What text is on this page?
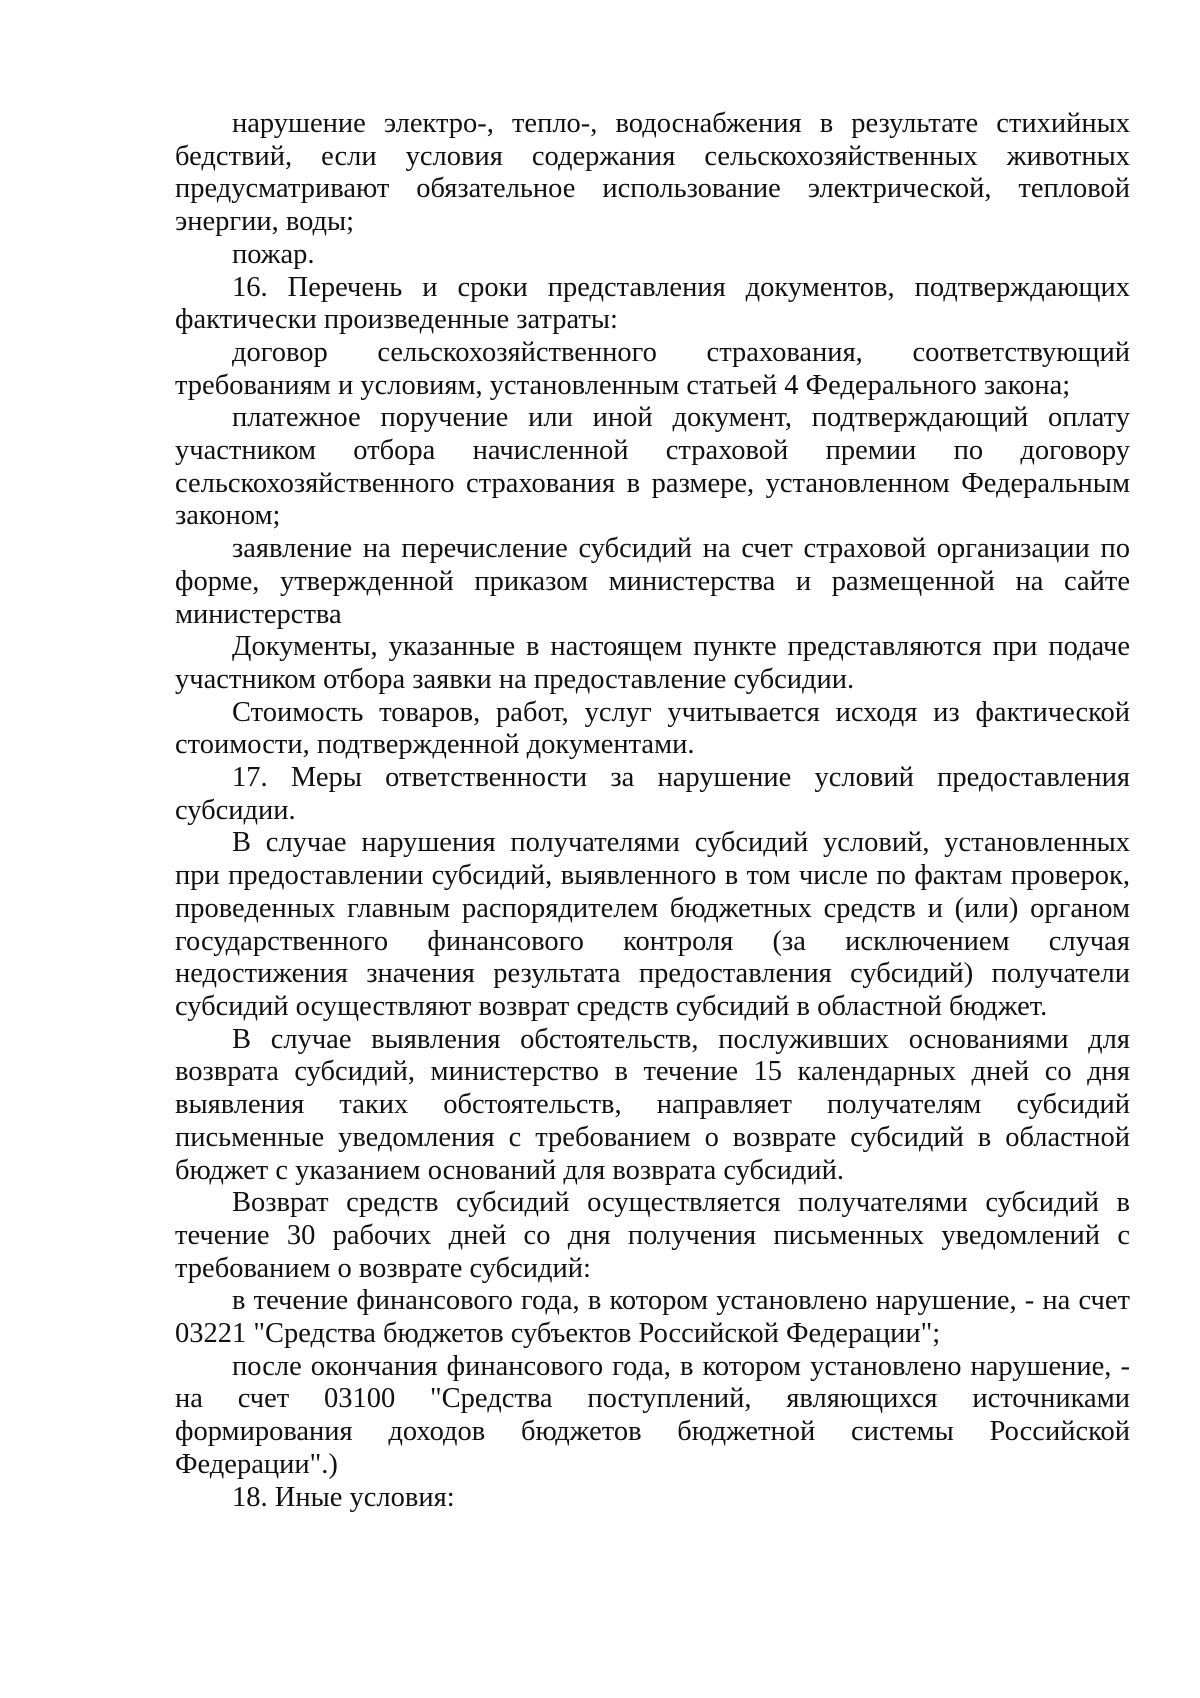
нарушение электро-, тепло-, водоснабжения в результате стихийных бедствий, если условия содержания сельскохозяйственных животных предусматривают обязательное использование электрической, тепловой энергии, воды;

пожар.

16. Перечень и сроки представления документов, подтверждающих фактически произведенные затраты:

договор сельскохозяйственного страхования, соответствующий требованиям и условиям, установленным статьей 4 Федерального закона;

платежное поручение или иной документ, подтверждающий оплату участником отбора начисленной страховой премии по договору сельскохозяйственного страхования в размере, установленном Федеральным законом;

заявление на перечисление субсидий на счет страховой организации по форме, утвержденной приказом министерства и размещенной на сайте министерства

Документы, указанные в настоящем пункте представляются при подаче участником отбора заявки на предоставление субсидии.

Стоимость товаров, работ, услуг учитывается исходя из фактической стоимости, подтвержденной документами.

17. Меры ответственности за нарушение условий предоставления субсидии.

В случае нарушения получателями субсидий условий, установленных при предоставлении субсидий, выявленного в том числе по фактам проверок, проведенных главным распорядителем бюджетных средств и (или) органом государственного финансового контроля (за исключением случая недостижения значения результата предоставления субсидий) получатели субсидий осуществляют возврат средств субсидий в областной бюджет.

В случае выявления обстоятельств, послуживших основаниями для возврата субсидий, министерство в течение 15 календарных дней со дня выявления таких обстоятельств, направляет получателям субсидий письменные уведомления с требованием о возврате субсидий в областной бюджет с указанием оснований для возврата субсидий.

Возврат средств субсидий осуществляется получателями субсидий в течение 30 рабочих дней со дня получения письменных уведомлений с требованием о возврате субсидий:

в течение финансового года, в котором установлено нарушение, - на счет 03221 "Средства бюджетов субъектов Российской Федерации";

после окончания финансового года, в котором установлено нарушение, - на счет 03100 "Средства поступлений, являющихся источниками формирования доходов бюджетов бюджетной системы Российской Федерации".)

18. Иные условия:
